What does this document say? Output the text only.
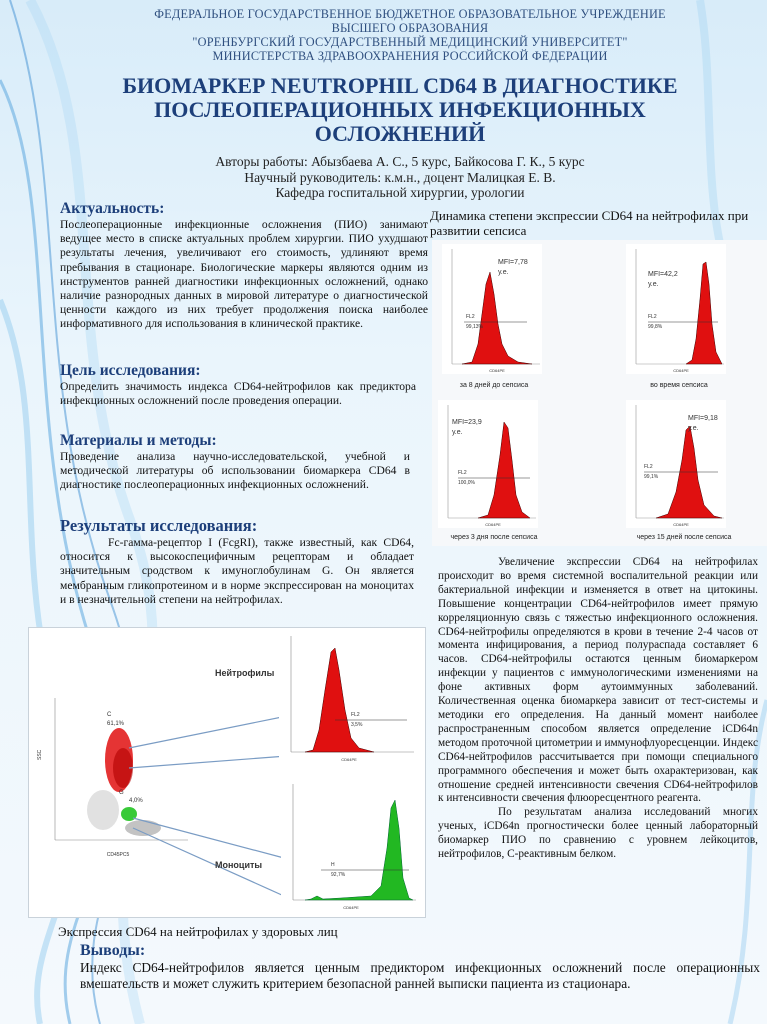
ФЕДЕРАЛЬНОЕ ГОСУДАРСТВЕННОЕ БЮДЖЕТНОЕ ОБРАЗОВАТЕЛЬНОЕ УЧРЕЖДЕНИЕ
ВЫСШЕГО ОБРАЗОВАНИЯ
"ОРЕНБУРГСКИЙ ГОСУДАРСТВЕННЫЙ МЕДИЦИНСКИЙ УНИВЕРСИТЕТ"
МИНИСТЕРСТВА ЗДРАВООХРАНЕНИЯ РОССИЙСКОЙ ФЕДЕРАЦИИ
БИОМАРКЕР NEUTROPHIL CD64 В ДИАГНОСТИКЕ
ПОСЛЕОПЕРАЦИОННЫХ ИНФЕКЦИОННЫХ
ОСЛОЖНЕНИЙ
Авторы работы: Абызбаева А. С., 5 курс, Байкосова Г. К., 5 курс
Научный руководитель: к.м.н., доцент Малицкая Е. В.
Кафедра госпитальной хирургии, урологии
Актуальность:
Послеоперационные инфекционные осложнения (ПИО) занимают ведущее место в списке актуальных проблем хирургии. ПИО ухудшают результаты лечения, увеличивают его стоимость, удлиняют время пребывания в стационаре. Биологические маркеры являются одним из инструментов ранней диагностики инфекционных осложнений, однако наличие разнородных данных в мировой литературе о диагностической ценности каждого из них требует продолжения поиска наиболее информативного для использования в клинической практике.
Цель исследования:
Определить значимость индекса CD64-нейтрофилов как предиктора инфекционных осложнений после проведения операции.
Материалы и методы:
Проведение анализа научно-исследовательской, учебной и методической литературы об использовании биомаркера CD64 в диагностике послеоперационных инфекционных осложнений.
Результаты исследования:
Fc-гамма-рецептор I (FcgRI), также известный, как CD64, относится к высокоспецифичным рецепторам и обладает значительным сродством к имуноглобулинам G. Он является мембранным гликопротеином и в норме экспрессирован на моноцитах и в незначительной степени на нейтрофилах.
Динамика степени экспрессии CD64 на нейтрофилах при развитии сепсиса
MFI=7,78
у.е.
FL2
99,13%
CD64PE
за 8 дней до сепсиса
MFI=42,2
у.е.
FL2
99,8%
CD64PE
во время сепсиса
MFI=23,9
у.е.
FL2
100,0%
CD64PE
через 3 дня после сепсиса
MFI=9,18
у.е.
FL2
99,1%
CD64PE
через 15 дней после сепсиса
Увеличение экспрессии CD64 на нейтрофилах происходит во время системной воспалительной реакции или бактериальной инфекции и изменяется в ответ на цитокины. Повышение концентрации CD64-нейтрофилов имеет прямую корреляционную связь с тяжестью инфекционного осложнения. CD64-нейтрофилы определяются в крови в течение 2-4 часов от момента инфицирования, а период полураспада составляет 6 часов. CD64-нейтрофилы остаются ценным биомаркером инфекции у пациентов с иммунологическими изменениями на фоне активных форм аутоиммунных заболеваний. Количественная оценка биомаркера зависит от тест-системы и методики его определения. На данный момент наиболее распространенным способом является определение iCD64n методом проточной цитометрии и иммунофлуоресценции. Индекс CD64-нейтрофилов рассчитывается при помощи специального программного обеспечения и может быть охарактеризован, как отношение средней интенсивности свечения CD64-нейтрофилов к интенсивности свечения флюоресцентного реагента.
По результатам анализа исследований многих ученых, iCD64n прогностически более ценный лабораторный биомаркер ПИО по сравнению с уровнем лейкоцитов, нейтрофилов, С-реактивным белком.
SSC
CD45PC5
C
61,1%
G
4,0%
Нейтрофилы
Моноциты
FL2
3,5%
CD64PE
H
92,7%
CD64PE
Экспрессия CD64 на нейтрофилах у здоровых лиц
Выводы:
Индекс CD64-нейтрофилов является ценным предиктором инфекционных осложнений после операционных вмешательств и может служить критерием безопасной ранней выписки пациента из стационара.
